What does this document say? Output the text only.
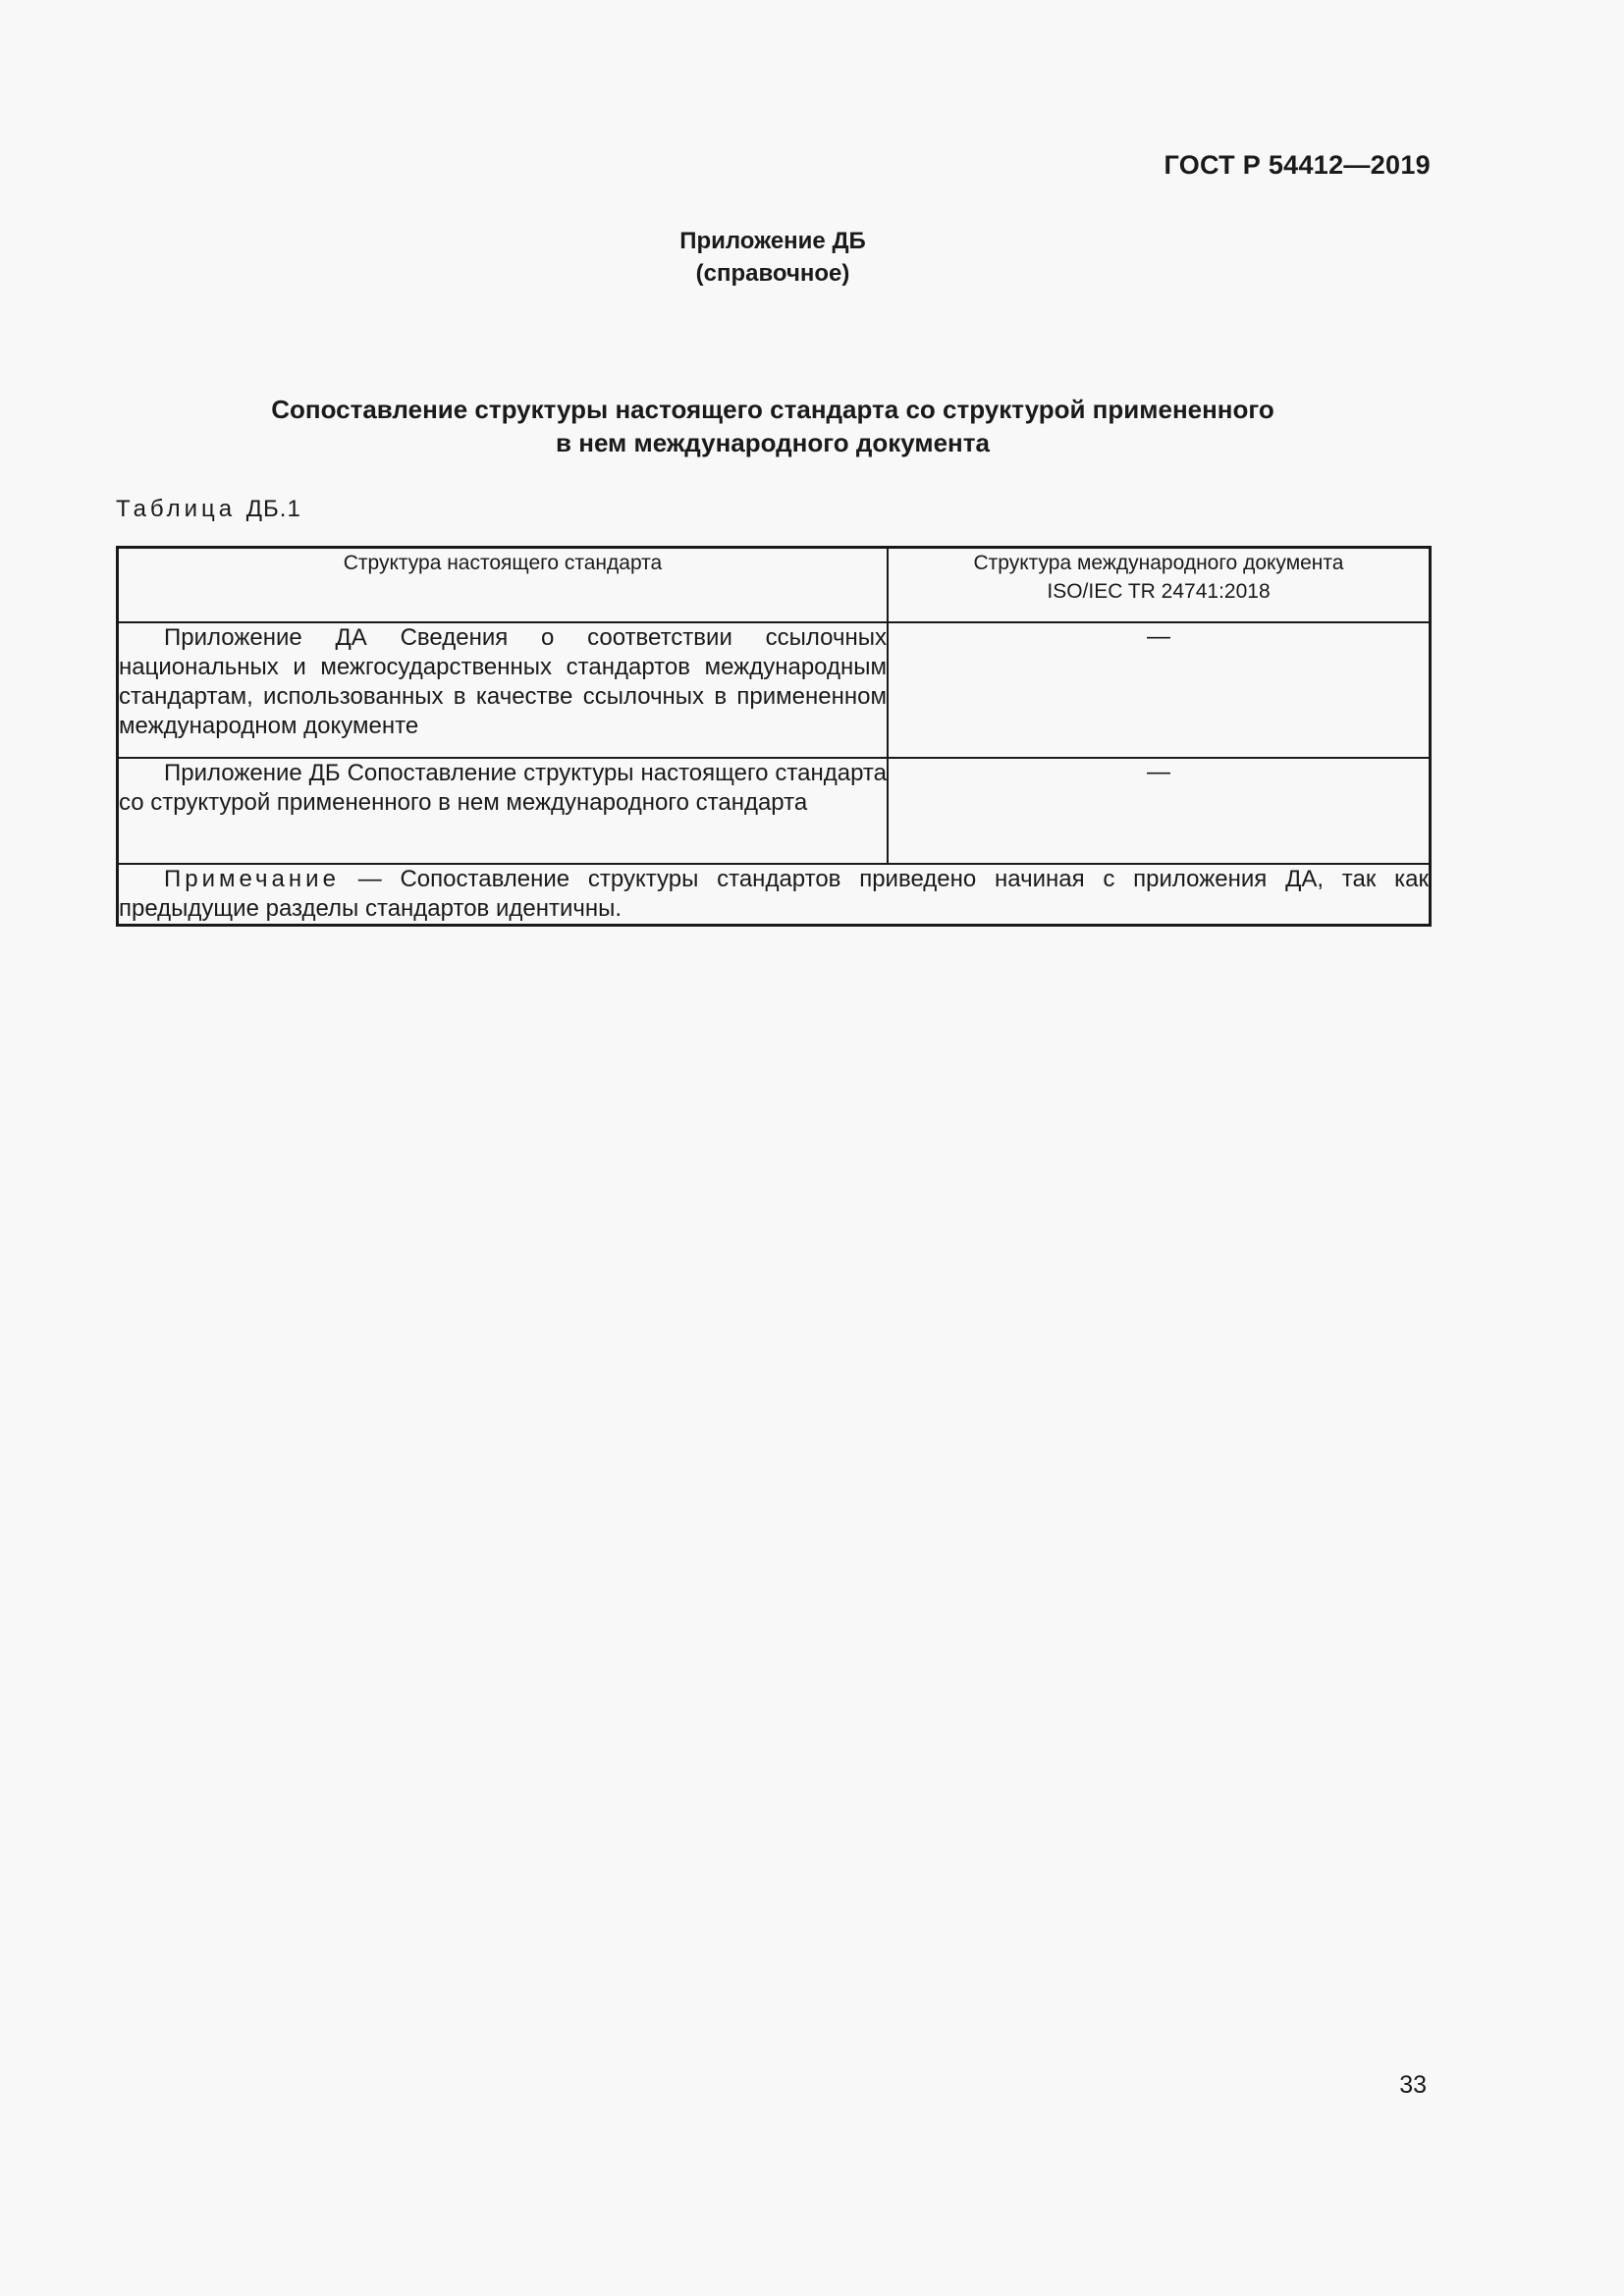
ГОСТ Р 54412—2019
Приложение ДБ
(справочное)
Сопоставление структуры настоящего стандарта со структурой примененного
в нем международного документа
Таблица ДБ.1
Структура настоящего стандарта	Структура международного документа
ISO/IEC TR 24741:2018

Приложение ДА Сведения о соответствии ссылочных национальных и межгосударственных стандартов международным стандартам, использованных в качестве ссылочных в примененном международном документе	—

Приложение ДБ Сопоставление структуры настоящего стандарта со структурой примененного в нем международного стандарта	—
Примечание — Сопоставление структуры стандартов приведено начиная с приложения ДА, так как предыдущие разделы стандартов идентичны.	
33
